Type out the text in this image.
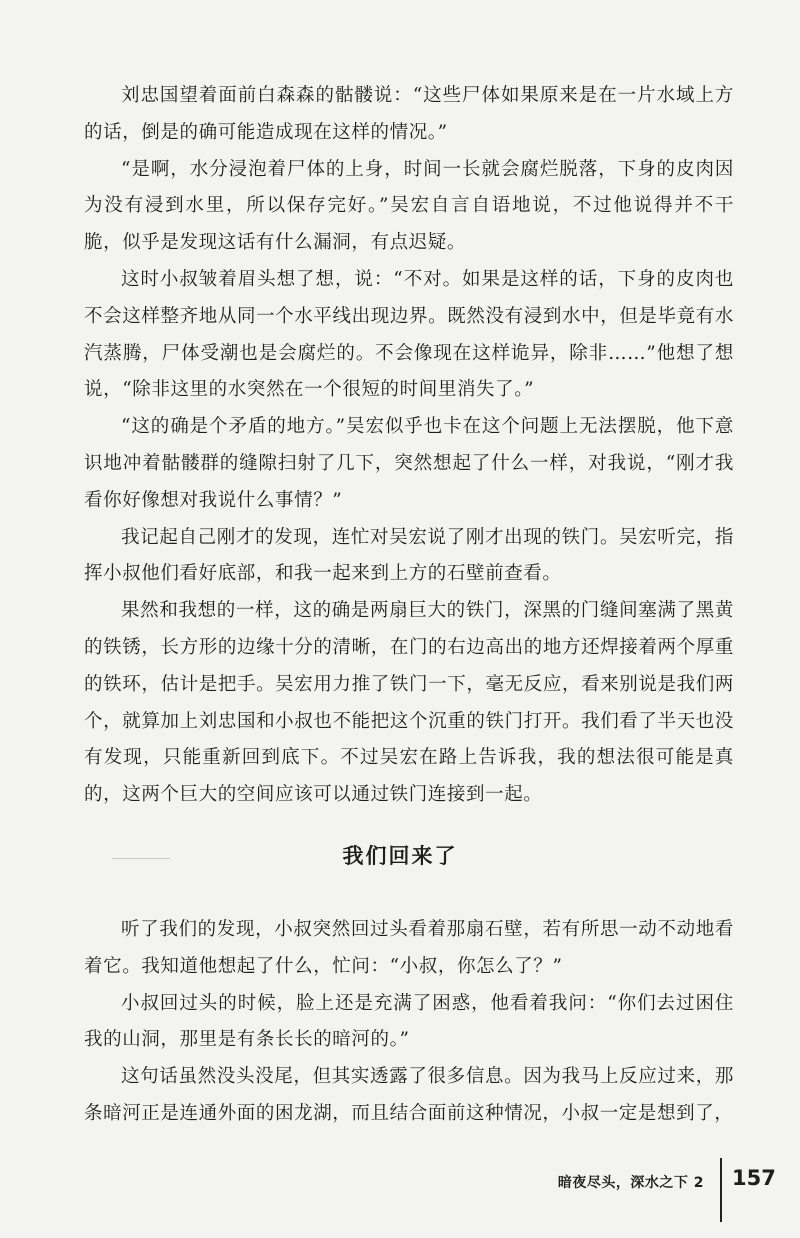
刘忠国望着面前白森森的骷髅说：“这些尸体如果原来是在一片水域上方的话，倒是的确可能造成现在这样的情况。”

“是啊，水分浸泡着尸体的上身，时间一长就会腐烂脱落，下身的皮肉因为没有浸到水里，所以保存完好。”吴宏自言自语地说，不过他说得并不干脆，似乎是发现这话有什么漏洞，有点迟疑。

这时小叔皱着眉头想了想，说：“不对。如果是这样的话，下身的皮肉也不会这样整齐地从同一个水平线出现边界。既然没有浸到水中，但是毕竟有水汽蒸腾，尸体受潮也是会腐烂的。不会像现在这样诡异，除非……”他想了想说，“除非这里的水突然在一个很短的时间里消失了。”

“这的确是个矛盾的地方。”吴宏似乎也卡在这个问题上无法摆脱，他下意识地冲着骷髅群的缝隙扫射了几下，突然想起了什么一样，对我说，“刚才我看你好像想对我说什么事情？”

我记起自己刚才的发现，连忙对吴宏说了刚才出现的铁门。吴宏听完，指挥小叔他们看好底部，和我一起来到上方的石壁前查看。

果然和我想的一样，这的确是两扇巨大的铁门，深黑的门缝间塞满了黑黄的铁锈，长方形的边缘十分的清晰，在门的右边高出的地方还焊接着两个厚重的铁环，估计是把手。吴宏用力推了铁门一下，毫无反应，看来别说是我们两个，就算加上刘忠国和小叔也不能把这个沉重的铁门打开。我们看了半天也没有发现，只能重新回到底下。不过吴宏在路上告诉我，我的想法很可能是真的，这两个巨大的空间应该可以通过铁门连接到一起。

我们回来了

听了我们的发现，小叔突然回过头看着那扇石壁，若有所思一动不动地看着它。我知道他想起了什么，忙问：“小叔，你怎么了？”

小叔回过头的时候，脸上还是充满了困惑，他看着我问：“你们去过困住我的山洞，那里是有条长长的暗河的。”

这句话虽然没头没尾，但其实透露了很多信息。因为我马上反应过来，那条暗河正是连通外面的困龙湖，而且结合面前这种情况，小叔一定是想到了，

暗夜尽头，深水之下 2 157
